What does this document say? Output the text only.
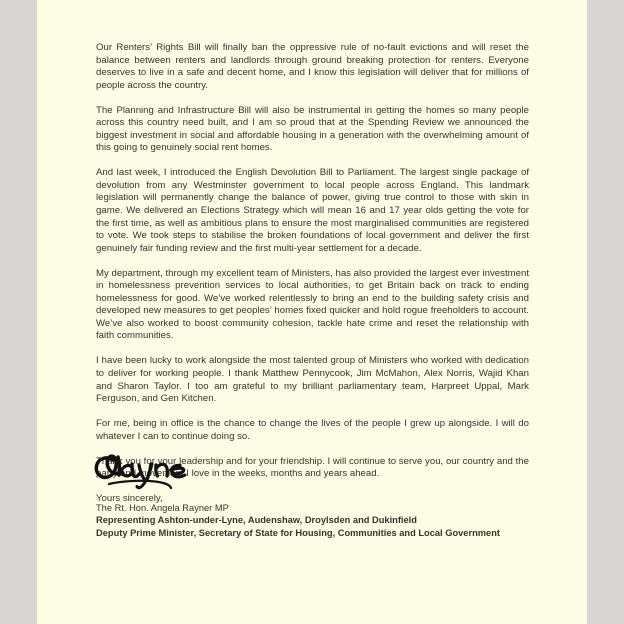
Our Renters’ Rights Bill will finally ban the oppressive rule of no-fault evictions and will reset the balance between renters and landlords through ground breaking protection for renters. Everyone deserves to live in a safe and decent home, and I know this legislation will deliver that for millions of people across the country.

The Planning and Infrastructure Bill will also be instrumental in getting the homes so many people across this country need built, and I am so proud that at the Spending Review we announced the biggest investment in social and affordable housing in a generation with the overwhelming amount of this going to genuinely social rent homes.

And last week, I introduced the English Devolution Bill to Parliament. The largest single package of devolution from any Westminster government to local people across England. This landmark legislation will permanently change the balance of power, giving true control to those with skin in game. We delivered an Elections Strategy which will mean 16 and 17 year olds getting the vote for the first time, as well as ambitious plans to ensure the most marginalised communities are registered to vote. We took steps to stabilise the broken foundations of local government and deliver the first genuinely fair funding review and the first multi-year settlement for a decade.

My department, through my excellent team of Ministers, has also provided the largest ever investment in homelessness prevention services to local authorities, to get Britain back on track to ending homelessness for good. We’ve worked relentlessly to bring an end to the building safety crisis and developed new measures to get peoples’ homes fixed quicker and hold rogue freeholders to account. We’ve also worked to boost community cohesion, tackle hate crime and reset the relationship with faith communities.

I have been lucky to work alongside the most talented group of Ministers who worked with dedication to deliver for working people. I thank Matthew Pennycook, Jim McMahon, Alex Norris, Wajid Khan and Sharon Taylor. I too am grateful to my brilliant parliamentary team, Harpreet Uppal, Mark Ferguson, and Gen Kitchen.

For me, being in office is the chance to change the lives of the people I grew up alongside. I will do whatever I can to continue doing so.

Thank you for your leadership and for your friendship. I will continue to serve you, our country and the party and movement I love in the weeks, months and years ahead.

Yours sincerely,

The Rt. Hon. Angela Rayner MP

Representing Ashton-under-Lyne, Audenshaw, Droylsden and Dukinfield

Deputy Prime Minister, Secretary of State for Housing, Communities and Local Government
